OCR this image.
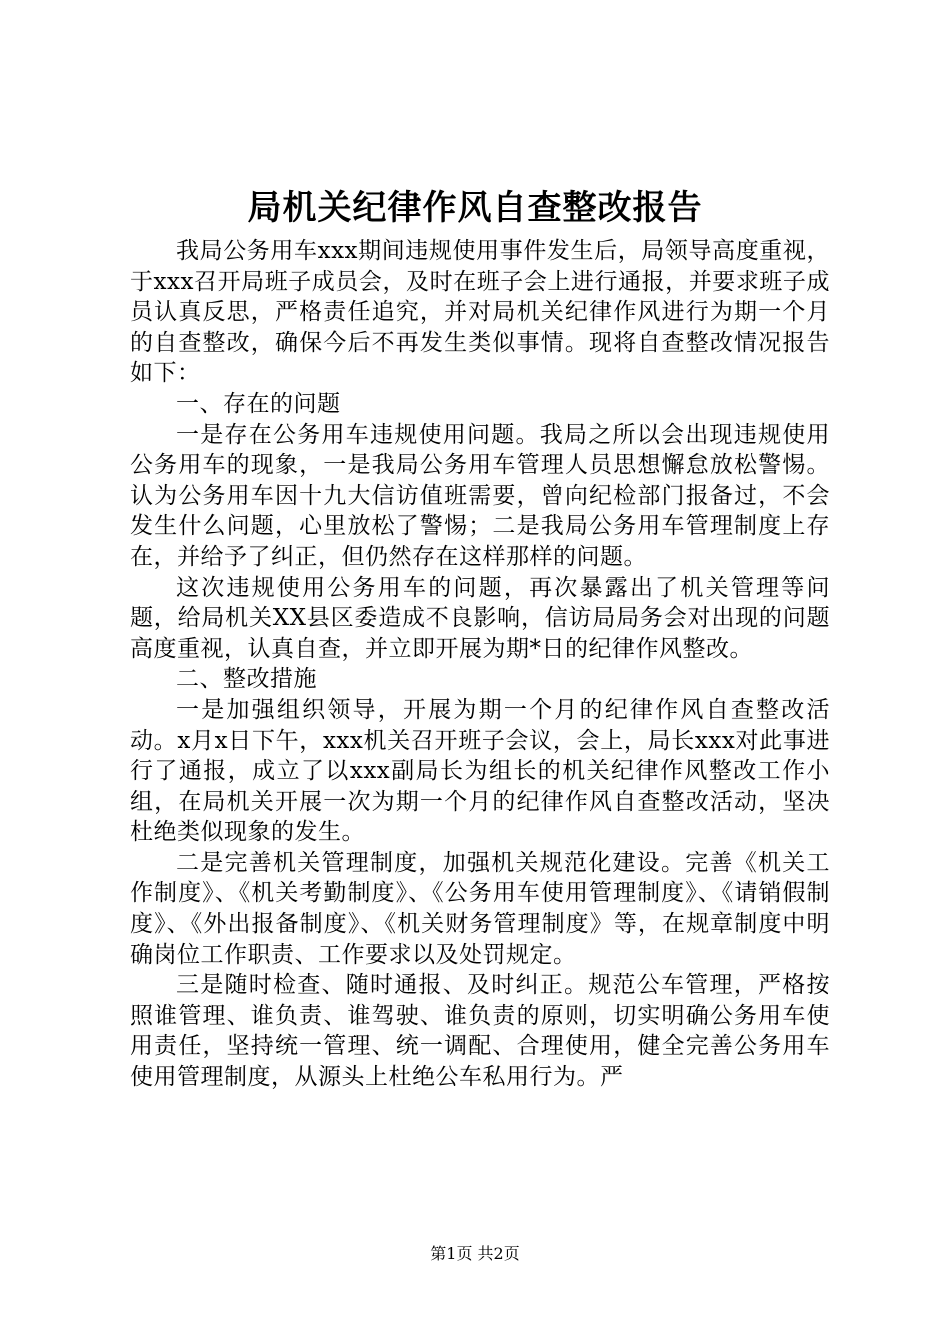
局机关纪律作风自查整改报告

我局公务用车xxx期间违规使用事件发生后，局领导高度重视，于xxx召开局班子成员会，及时在班子会上进行通报，并要求班子成员认真反思，严格责任追究，并对局机关纪律作风进行为期一个月的自查整改，确保今后不再发生类似事情。现将自查整改情况报告如下：

一、存在的问题

一是存在公务用车违规使用问题。我局之所以会出现违规使用公务用车的现象，一是我局公务用车管理人员思想懈怠放松警惕。认为公务用车因十九大信访值班需要，曾向纪检部门报备过，不会发生什么问题，心里放松了警惕；二是我局公务用车管理制度上存在，并给予了纠正，但仍然存在这样那样的问题。

这次违规使用公务用车的问题，再次暴露出了机关管理等问题，给局机关XX县区委造成不良影响，信访局局务会对出现的问题高度重视，认真自查，并立即开展为期*日的纪律作风整改。

二、整改措施

一是加强组织领导，开展为期一个月的纪律作风自查整改活动。x月x日下午，xxx机关召开班子会议，会上，局长xxx对此事进行了通报，成立了以xxx副局长为组长的机关纪律作风整改工作小组，在局机关开展一次为期一个月的纪律作风自查整改活动，坚决杜绝类似现象的发生。

二是完善机关管理制度，加强机关规范化建设。完善《机关工作制度》、《机关考勤制度》、《公务用车使用管理制度》、《请销假制度》、《外出报备制度》、《机关财务管理制度》等，在规章制度中明确岗位工作职责、工作要求以及处罚规定。

三是随时检查、随时通报、及时纠正。规范公车管理，严格按照谁管理、谁负责、谁驾驶、谁负责的原则，切实明确公务用车使用责任，坚持统一管理、统一调配、合理使用，健全完善公务用车使用管理制度，从源头上杜绝公车私用行为。严

第1页 共2页
